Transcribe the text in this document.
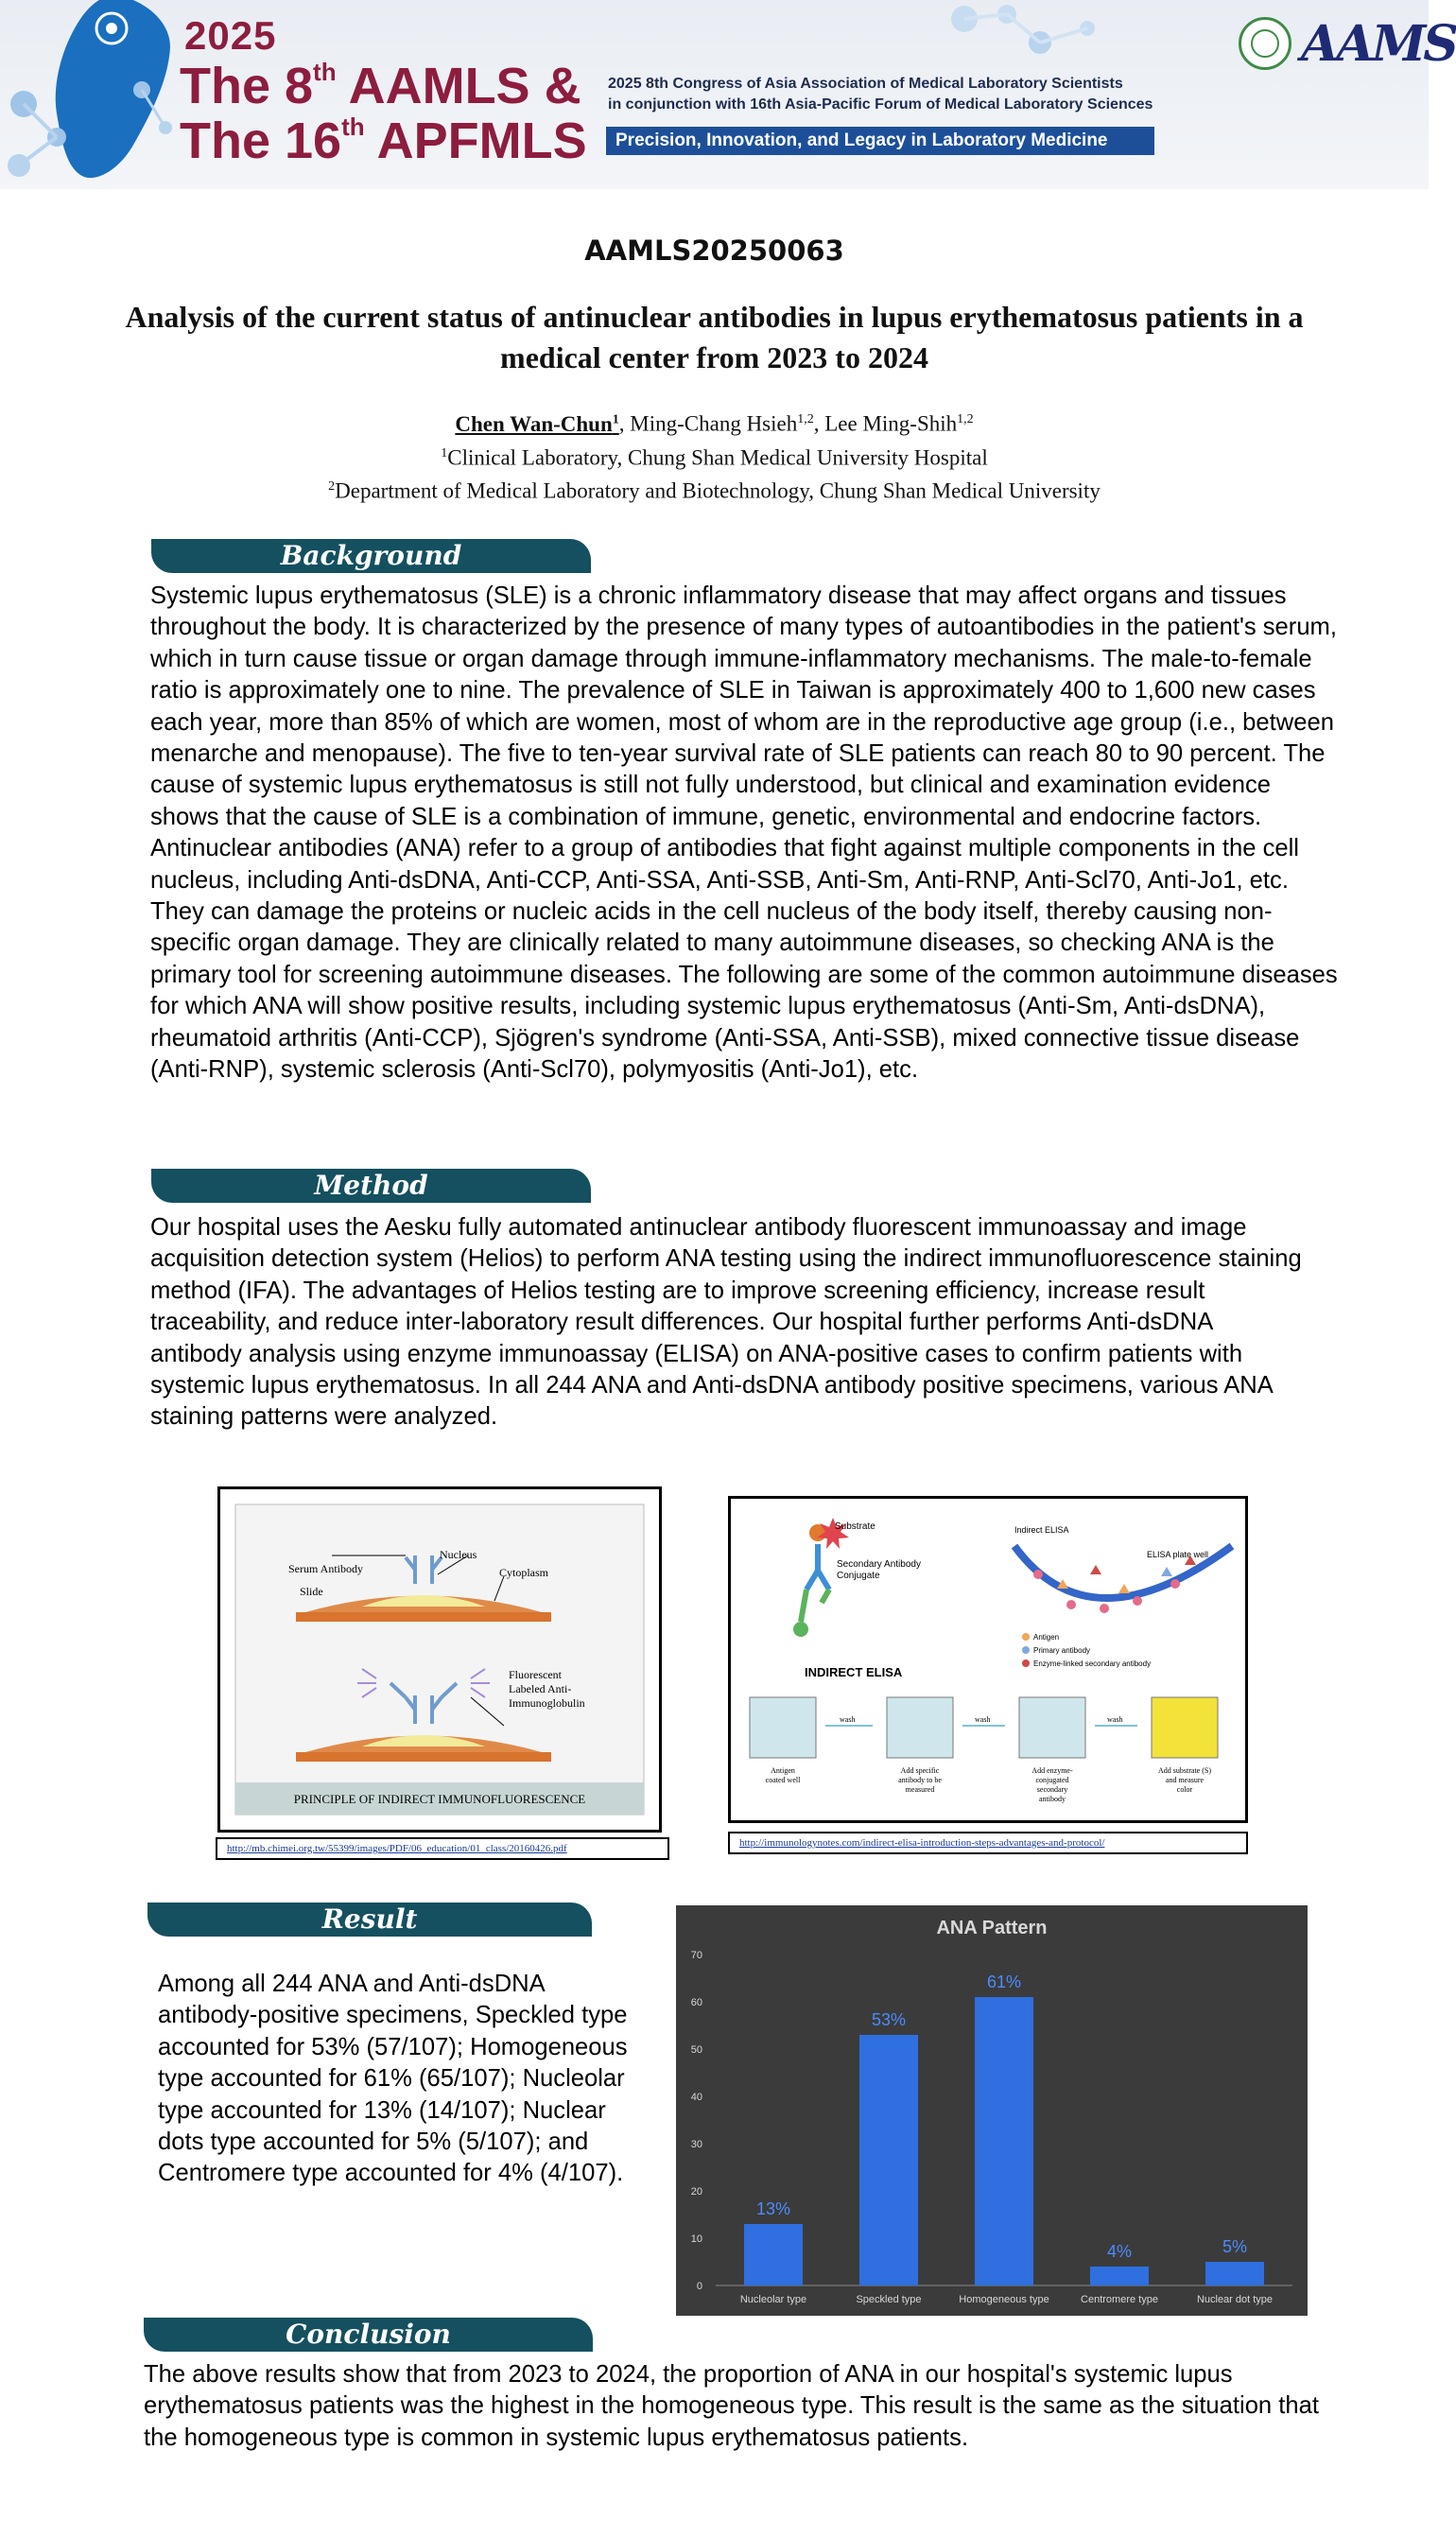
2025
The 8th AAMLS &
The 16th APFMLS
2025 8th Congress of Asia Association of Medical Laboratory Scientists
in conjunction with 16th Asia-Pacific Forum of Medical Laboratory Sciences
Precision, Innovation, and Legacy in Laboratory Medicine
AAMS
AAMLS20250063
Analysis of the current status of antinuclear antibodies in lupus erythematosus patients in a medical center from 2023 to 2024
Chen Wan-Chun$^1$, Ming-Chang Hsieh$^{1,2}$, Lee Ming-Shih$^{1,2}$
$^1$Clinical Laboratory, Chung Shan Medical University Hospital
$^2$Department of Medical Laboratory and Biotechnology, Chung Shan Medical University
Background
Systemic lupus erythematosus (SLE) is a chronic inflammatory disease that may affect organs and tissues throughout the body. It is characterized by the presence of many types of autoantibodies in the patient's serum, which in turn cause tissue or organ damage through immune-inflammatory mechanisms. The male-to-female ratio is approximately one to nine. The prevalence of SLE in Taiwan is approximately 400 to 1,600 new cases each year, more than 85% of which are women, most of whom are in the reproductive age group (i.e., between menarche and menopause). The five to ten-year survival rate of SLE patients can reach 80 to 90 percent. The cause of systemic lupus erythematosus is still not fully understood, but clinical and examination evidence shows that the cause of SLE is a combination of immune, genetic, environmental and endocrine factors. Antinuclear antibodies (ANA) refer to a group of antibodies that fight against multiple components in the cell nucleus, including Anti-dsDNA, Anti-CCP, Anti-SSA, Anti-SSB, Anti-Sm, Anti-RNP, Anti-Scl70, Anti-Jo1, etc. They can damage the proteins or nucleic acids in the cell nucleus of the body itself, thereby causing non-specific organ damage. They are clinically related to many autoimmune diseases, so checking ANA is the primary tool for screening autoimmune diseases. The following are some of the common autoimmune diseases for which ANA will show positive results, including systemic lupus erythematosus (Anti-Sm, Anti-dsDNA), rheumatoid arthritis (Anti-CCP), Sjögren's syndrome (Anti-SSA, Anti-SSB), mixed connective tissue disease (Anti-RNP), systemic sclerosis (Anti-Scl70), polymyositis (Anti-Jo1), etc.
Method
Our hospital uses the Aesku fully automated antinuclear antibody fluorescent immunoassay and image acquisition detection system (Helios) to perform ANA testing using the indirect immunofluorescence staining method (IFA). The advantages of Helios testing are to improve screening efficiency, increase result traceability, and reduce inter-laboratory result differences. Our hospital further performs Anti-dsDNA antibody analysis using enzyme immunoassay (ELISA) on ANA-positive cases to confirm patients with systemic lupus erythematosus. In all 244 ANA and Anti-dsDNA antibody positive specimens, various ANA staining patterns were analyzed.
Serum Antibody
Nucleus
Cytoplasm
Slide
Fluorescent
Labeled Anti-
Immunoglobulin
PRINCIPLE OF INDIRECT IMMUNOFLUORESCENCE
http://mb.chimei.org.tw/55399/images/PDF/06_education/01_class/20160426.pdf
Substrate
Secondary Antibody
Conjugate
Indirect ELISA
ELISA plate well
Antigen
Primary antibody
Enzyme-linked secondary antibody
INDIRECT ELISA
wash	wash	wash
Antigen
coated well
Add specific
antibody to be
measured
Add enzyme-
conjugated
secondary
antibody
Add substrate (S)
and measure
color
http://immunologynotes.com/indirect-elisa-introduction-steps-advantages-and-protocol/
Result
Among all 244 ANA and Anti-dsDNA antibody-positive specimens, Speckled type accounted for 53% (57/107); Homogeneous type accounted for 61% (65/107); Nucleolar type accounted for 13% (14/107); Nuclear dots type accounted for 5% (5/107); and Centromere type accounted for 4% (4/107).
ANA Pattern
0
10
20
30
40
50
60
70
13%
Nucleolar type
53%
Speckled type
61%
Homogeneous type
4%
Centromere type
5%
Nuclear dot type
Conclusion
The above results show that from 2023 to 2024, the proportion of ANA in our hospital's systemic lupus erythematosus patients was the highest in the homogeneous type. This result is the same as the situation that the homogeneous type is common in systemic lupus erythematosus patients.
